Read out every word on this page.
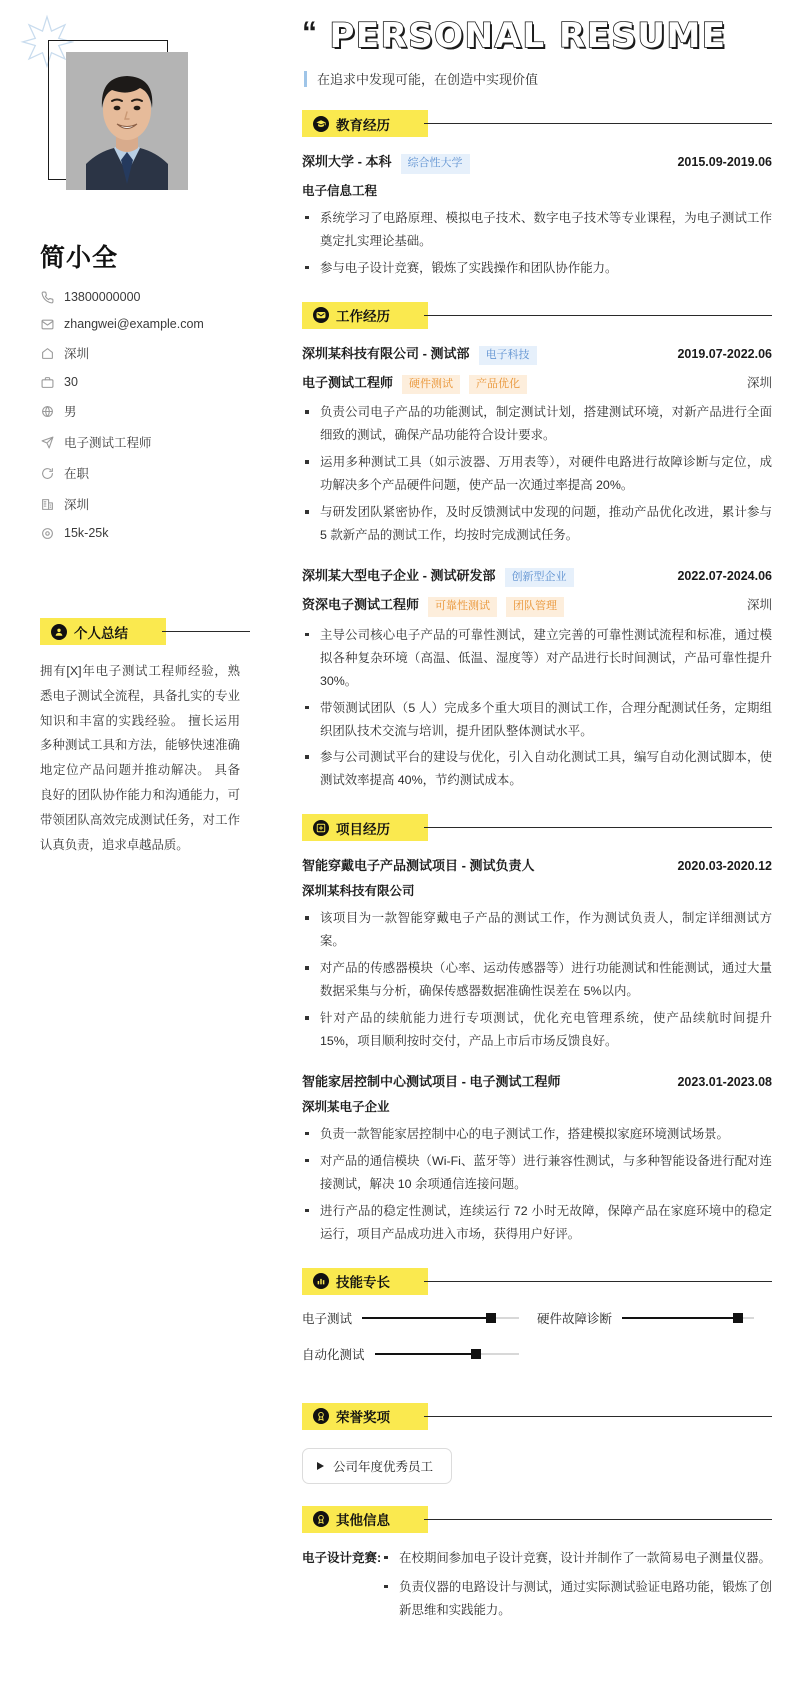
简小全
13800000000
zhangwei@example.com
深圳
30
男
电子测试工程师
在职
深圳
15k-25k
个人总结

拥有[X]年电子测试工程师经验，熟悉电子测试全流程，具备扎实的专业知识和丰富的实践经验。 擅长运用多种测试工具和方法，能够快速准确地定位产品问题并推动解决。 具备良好的团队协作能力和沟通能力，可带领团队高效完成测试任务，对工作认真负责，追求卓越品质。

“ PERSONAL RESUME
在追求中发现可能，在创造中实现价值
教育经历
深圳大学 - 本科	综合性大学	2015.09-2019.06
电子信息工程
系统学习了电路原理、模拟电子技术、数字电子技术等专业课程，为电子测试工作奠定扎实理论基础。
参与电子设计竞赛，锻炼了实践操作和团队协作能力。
工作经历
深圳某科技有限公司 - 测试部	电子科技	2019.07-2022.06
电子测试工程师	硬件测试	产品优化	深圳
负责公司电子产品的功能测试，制定测试计划，搭建测试环境，对新产品进行全面细致的测试，确保产品功能符合设计要求。
运用多种测试工具（如示波器、万用表等），对硬件电路进行故障诊断与定位，成功解决多个产品硬件问题，使产品一次通过率提高 20%。
与研发团队紧密协作，及时反馈测试中发现的问题，推动产品优化改进，累计参与 5 款新产品的测试工作，均按时完成测试任务。
深圳某大型电子企业 - 测试研发部	创新型企业	2022.07-2024.06
资深电子测试工程师	可靠性测试	团队管理	深圳
主导公司核心电子产品的可靠性测试，建立完善的可靠性测试流程和标准，通过模拟各种复杂环境（高温、低温、湿度等）对产品进行长时间测试，产品可靠性提升 30%。
带领测试团队（5 人）完成多个重大项目的测试工作，合理分配测试任务，定期组织团队技术交流与培训，提升团队整体测试水平。
参与公司测试平台的建设与优化，引入自动化测试工具，编写自动化测试脚本，使测试效率提高 40%，节约测试成本。
项目经历
智能穿戴电子产品测试项目 - 测试负责人	2020.03-2020.12
深圳某科技有限公司
该项目为一款智能穿戴电子产品的测试工作，作为测试负责人，制定详细测试方案。
对产品的传感器模块（心率、运动传感器等）进行功能测试和性能测试，通过大量数据采集与分析，确保传感器数据准确性误差在 5%以内。
针对产品的续航能力进行专项测试，优化充电管理系统，使产品续航时间提升 15%，项目顺利按时交付，产品上市后市场反馈良好。
智能家居控制中心测试项目 - 电子测试工程师	2023.01-2023.08
深圳某电子企业
负责一款智能家居控制中心的电子测试工作，搭建模拟家庭环境测试场景。
对产品的通信模块（Wi-Fi、蓝牙等）进行兼容性测试，与多种智能设备进行配对连接测试，解决 10 余项通信连接问题。
进行产品的稳定性测试，连续运行 72 小时无故障，保障产品在家庭环境中的稳定运行，项目产品成功进入市场，获得用户好评。
技能专长
电子测试	硬件故障诊断
自动化测试
荣誉奖项
公司年度优秀员工
其他信息
电子设计竞赛:	在校期间参加电子设计竞赛，设计并制作了一款简易电子测量仪器。
负责仪器的电路设计与测试，通过实际测试验证电路功能，锻炼了创新思维和实践能力。
